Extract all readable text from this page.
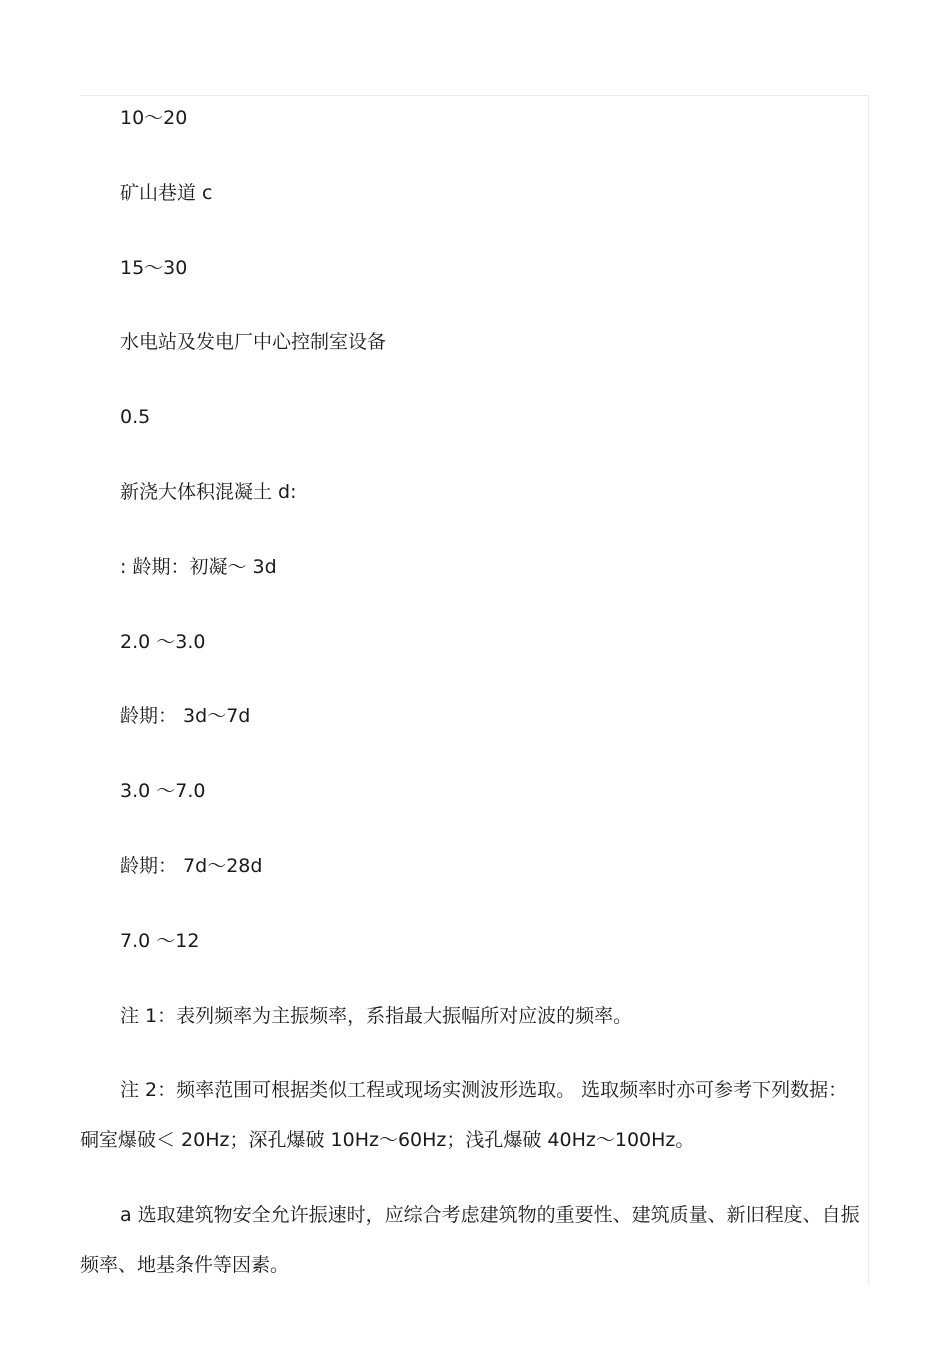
10～20
矿山巷道 c
15～30
水电站及发电厂中心控制室设备
0.5
新浇大体积混凝土 d:
: 龄期：初凝～ 3d
2.0 ～3.0
龄期： 3d～7d
3.0 ～7.0
龄期： 7d～28d
7.0 ～12
注 1：表列频率为主振频率，系指最大振幅所对应波的频率。
注 2：频率范围可根据类似工程或现场实测波形选取。 选取频率时亦可参考下列数据：硐室爆破＜ 20Hz；深孔爆破 10Hz～60Hz；浅孔爆破 40Hz～100Hz。
a 选取建筑物安全允许振速时，应综合考虑建筑物的重要性、建筑质量、新旧程度、自振频率、地基条件等因素。
